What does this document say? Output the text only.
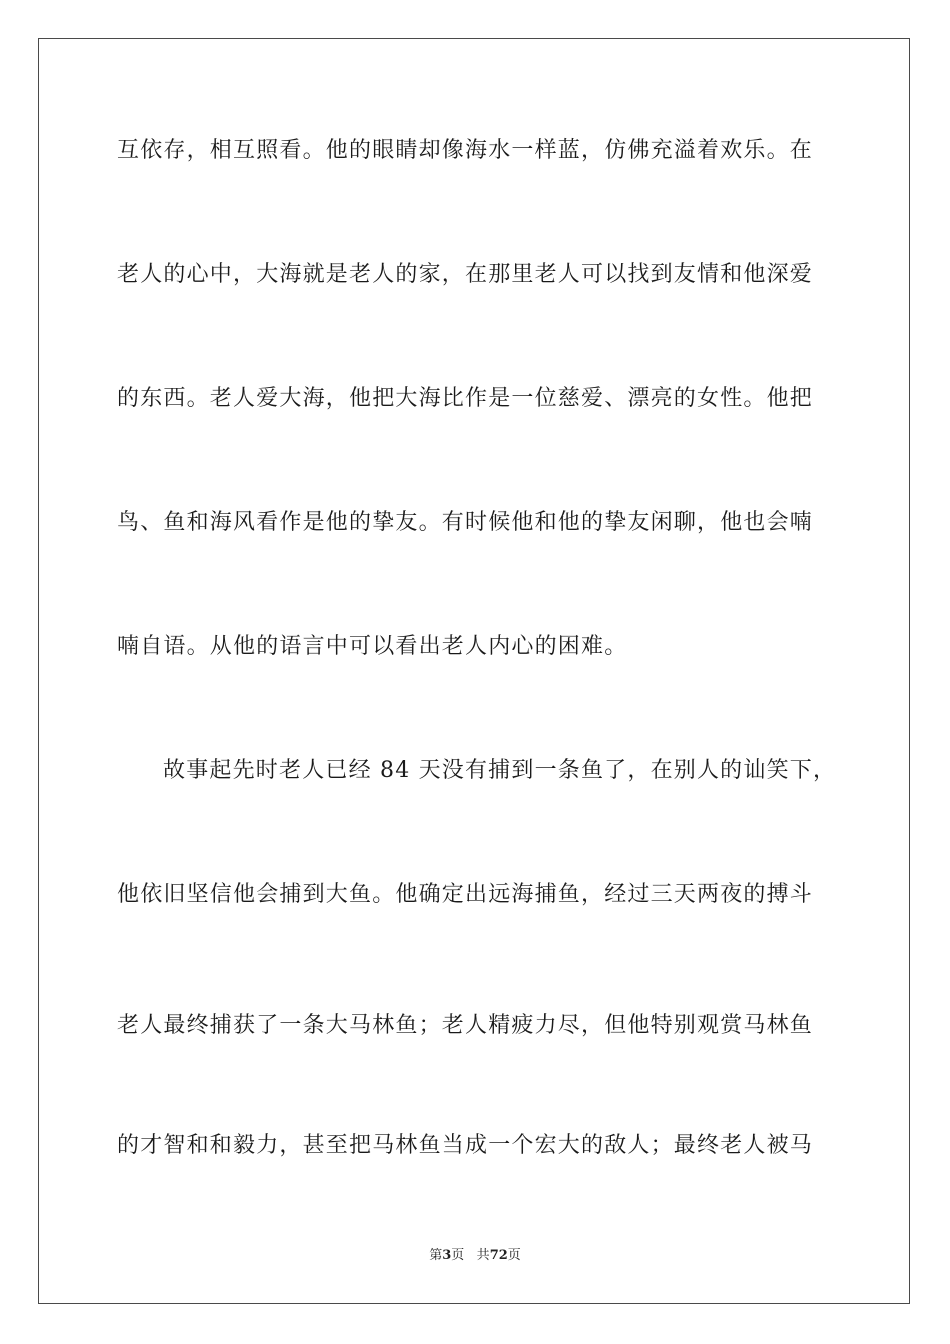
互依存，相互照看。他的眼睛却像海水一样蓝，仿佛充溢着欢乐。在
老人的心中，大海就是老人的家，在那里老人可以找到友情和他深爱
的东西。老人爱大海，他把大海比作是一位慈爱、漂亮的女性。他把
鸟、鱼和海风看作是他的挚友。有时候他和他的挚友闲聊，他也会喃
喃自语。从他的语言中可以看出老人内心的困难。
故事起先时老人已经 84 天没有捕到一条鱼了，在别人的讪笑下，
他依旧坚信他会捕到大鱼。他确定出远海捕鱼，经过三天两夜的搏斗
老人最终捕获了一条大马林鱼；老人精疲力尽，但他特别观赏马林鱼
的才智和和毅力，甚至把马林鱼当成一个宏大的敌人；最终老人被马
第3页 共72页
